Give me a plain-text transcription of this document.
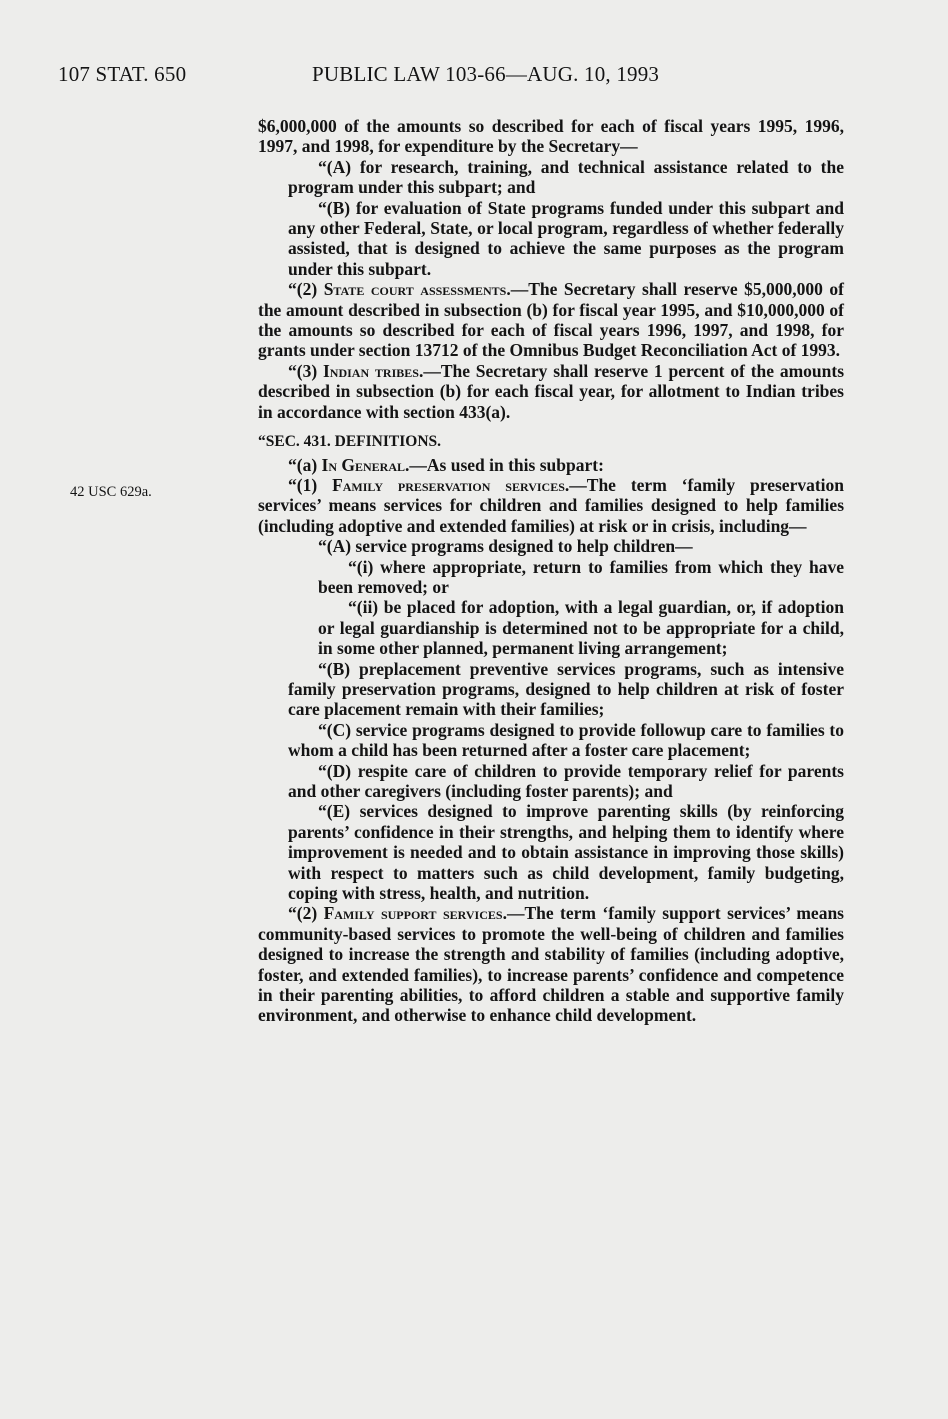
107 STAT. 650	PUBLIC LAW 103-66—AUG. 10, 1993
42 USC 629a.

$6,000,000 of the amounts so described for each of fiscal years 1995, 1996, 1997, and 1998, for expenditure by the Secretary—

“(A) for research, training, and technical assistance related to the program under this subpart; and

“(B) for evaluation of State programs funded under this subpart and any other Federal, State, or local program, regardless of whether federally assisted, that is designed to achieve the same purposes as the program under this subpart.

“(2) State court assessments.—The Secretary shall reserve $5,000,000 of the amount described in subsection (b) for fiscal year 1995, and $10,000,000 of the amounts so described for each of fiscal years 1996, 1997, and 1998, for grants under section 13712 of the Omnibus Budget Reconciliation Act of 1993.

“(3) Indian tribes.—The Secretary shall reserve 1 percent of the amounts described in subsection (b) for each fiscal year, for allotment to Indian tribes in accordance with section 433(a).

“SEC. 431. DEFINITIONS.

“(a) In General.—As used in this subpart:

“(1) Family preservation services.—The term ‘family preservation services’ means services for children and families designed to help families (including adoptive and extended families) at risk or in crisis, including—

“(A) service programs designed to help children—

“(i) where appropriate, return to families from which they have been removed; or

“(ii) be placed for adoption, with a legal guardian, or, if adoption or legal guardianship is determined not to be appropriate for a child, in some other planned, permanent living arrangement;

“(B) preplacement preventive services programs, such as intensive family preservation programs, designed to help children at risk of foster care placement remain with their families;

“(C) service programs designed to provide followup care to families to whom a child has been returned after a foster care placement;

“(D) respite care of children to provide temporary relief for parents and other caregivers (including foster parents); and

“(E) services designed to improve parenting skills (by reinforcing parents’ confidence in their strengths, and helping them to identify where improvement is needed and to obtain assistance in improving those skills) with respect to matters such as child development, family budgeting, coping with stress, health, and nutrition.

“(2) Family support services.—The term ‘family support services’ means community-based services to promote the well-being of children and families designed to increase the strength and stability of families (including adoptive, foster, and extended families), to increase parents’ confidence and competence in their parenting abilities, to afford children a stable and supportive family environment, and otherwise to enhance child development.
